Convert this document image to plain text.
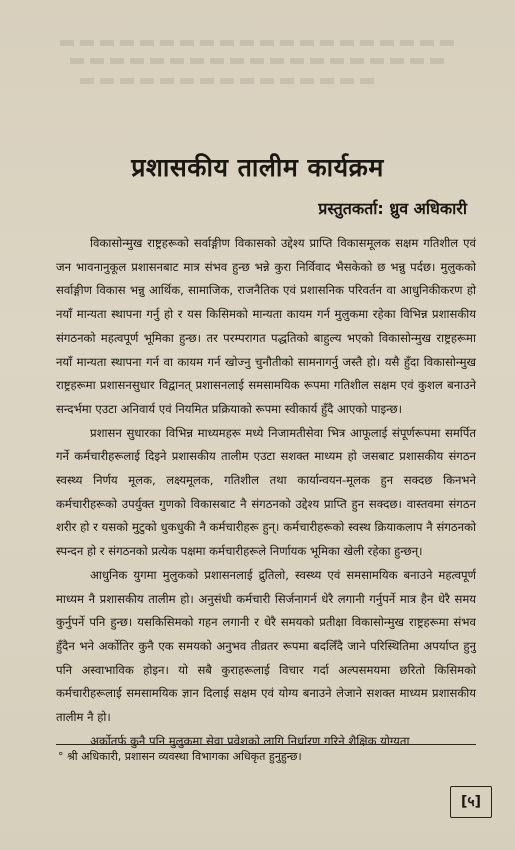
प्रशासकीय तालीम कार्यक्रम
प्रस्तुतकर्ता: ध्रुव अधिकारी

विकासोन्मुख राष्ट्रहरूको सर्वाङ्गीण विकासको उद्देश्य प्राप्ति विकासमूलक सक्षम गतिशील एवं जन भावनानुकूल प्रशासनबाट मात्र संभव हुन्छ भन्ने कुरा निर्विवाद भैसकेको छ भन्नु पर्दछ। मुलुकको सर्वाङ्गीण विकास भन्नु आर्थिक, सामाजिक, राजनैतिक एवं प्रशासनिक परिवर्तन वा आधुनिकीकरण हो नयाँ मान्यता स्थापना गर्नु हो र यस किसिमको मान्यता कायम गर्न मुलुकमा रहेका विभिन्न प्रशासकीय संगठनको महत्वपूर्ण भूमिका हुन्छ। तर परम्परागत पद्धतिको बाहुल्य भएको विकासोन्मुख राष्ट्रहरूमा नयाँ मान्यता स्थापना गर्न वा कायम गर्न खोज्नु चुनौतीको सामनागर्नु जस्तै हो। यसै हुँदा विकासोन्मुख राष्ट्रहरूमा प्रशासनसुधार विद्वानत् प्रशासनलाई समसामयिक रूपमा गतिशील सक्षम एवं कुशल बनाउने सन्दर्भमा एउटा अनिवार्य एवं नियमित प्रक्रियाको रूपमा स्वीकार्य हुँदै आएको पाइन्छ।

प्रशासन सुधारका विभिन्न माध्यमहरू मध्ये निजामतीसेवा भित्र आफूलाई संपूर्णरूपमा समर्पित गर्ने कर्मचारीहरूलाई दिइने प्रशासकीय तालीम एउटा सशक्त माध्यम हो जसबाट प्रशासकीय संगठन स्वस्थ्य निर्णय मूलक, लक्ष्यमूलक, गतिशील तथा कार्यान्वयन-मूलक हुन सक्दछ किनभने कर्मचारीहरूको उपर्युक्त गुणको विकासबाट नै संगठनको उद्देश्य प्राप्ति हुन सक्दछ। वास्तवमा संगठन शरीर हो र यसको मुटुको धुकधुकी नै कर्मचारीहरू हुन्। कर्मचारीहरूको स्वस्थ क्रियाकलाप नै संगठनको स्पन्दन हो र संगठनको प्रत्येक पक्षमा कर्मचारीहरूले निर्णायक भूमिका खेली रहेका हुन्छन्।

आधुनिक युगमा मुलुकको प्रशासनलाई द्रुतिलो, स्वस्थ्य एवं समसामयिक बनाउने महत्वपूर्ण माध्यम नै प्रशासकीय तालीम हो। अनुसंधी कर्मचारी सिर्जनागर्न धेरै लगानी गर्नुपर्ने मात्र हैन धेरै समय कुर्नुपर्ने पनि हुन्छ। यसकिसिमको गहन लगानी र धेरै समयको प्रतीक्षा विकासोन्मुख राष्ट्रहरूमा संभव हुँदैन भने अर्कोतिर कुनै एक समयको अनुभव तीव्रतर रूपमा बदलिँदै जाने परिस्थितिमा अपर्याप्त हुनु पनि अस्वाभाविक होइन। यो सबै कुराहरूलाई विचार गर्दा अल्पसमयमा छरितो किसिमको कर्मचारीहरूलाई समसामयिक ज्ञान दिलाई सक्षम एवं योग्य बनाउने लेजाने सशक्त माध्यम प्रशासकीय तालीम नै हो।

अर्कोतर्फ कुनै पनि मुलुकमा सेवा प्रवेशको लागि निर्धारण गरिने शैक्षिक योग्यता

° श्री अधिकारी, प्रशासन व्यवस्था विभागका अधिकृत हुनुहुन्छ।
[५]
